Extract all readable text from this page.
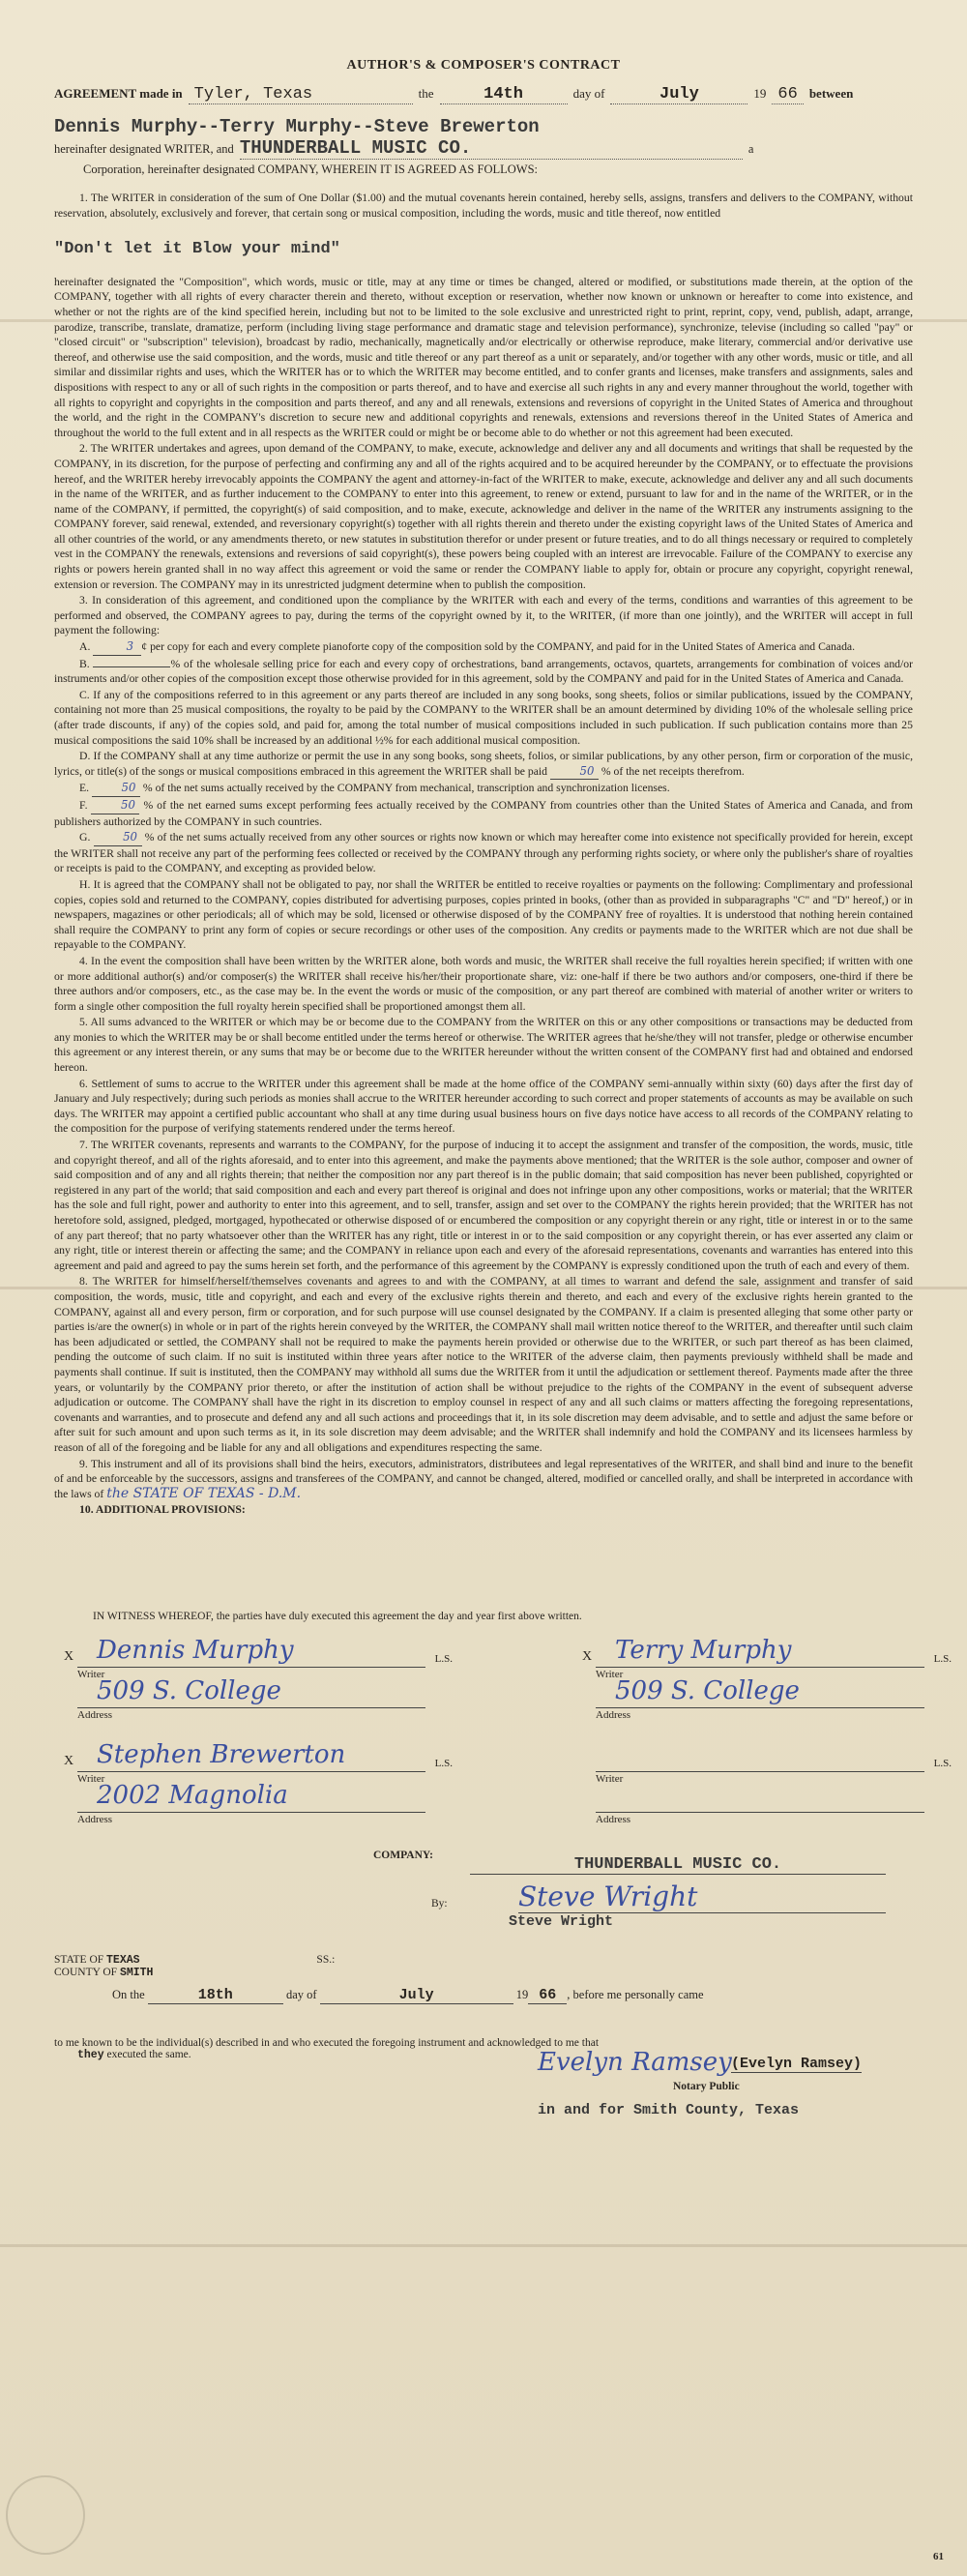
AUTHOR'S & COMPOSER'S CONTRACT
AGREEMENT made in Tyler, Texas	the	14th	day of	July	19 66 between
Dennis Murphy--Terry Murphy--Steve Brewerton
hereinafter designated WRITER, and THUNDERBALL MUSIC CO.	a
Corporation, hereinafter designated COMPANY, WHEREIN IT IS AGREED AS FOLLOWS:

1. The WRITER in consideration of the sum of One Dollar ($1.00) and the mutual covenants herein contained, hereby sells, assigns, transfers and delivers to the COMPANY, without reservation, absolutely, exclusively and forever, that certain song or musical composition, including the words, music and title thereof, now entitled

"Don't let it Blow your mind"

hereinafter designated the "Composition", which words, music or title, may at any time or times be changed, altered or modified, or substitutions made therein, at the option of the COMPANY, together with all rights of every character therein and thereto, without exception or reservation, whether now known or unknown or hereafter to come into existence, and whether or not the rights are of the kind specified herein, including but not to be limited to the sole exclusive and unrestricted right to print, reprint, copy, vend, publish, adapt, arrange, parodize, transcribe, translate, dramatize, perform (including living stage performance and dramatic stage and television performance), synchronize, televise (including so called "pay" or "closed circuit" or "subscription" television), broadcast by radio, mechanically, magnetically and/or electrically or otherwise reproduce, make literary, commercial and/or derivative use thereof, and otherwise use the said composition, and the words, music and title thereof or any part thereof as a unit or separately, and/or together with any other words, music or title, and all similar and dissimilar rights and uses, which the WRITER has or to which the WRITER may become entitled, and to confer grants and licenses, make transfers and assignments, sales and dispositions with respect to any or all of such rights in the composition or parts thereof, and to have and exercise all such rights in any and every manner throughout the world, together with all rights to copyright and copyrights in the composition and parts thereof, and any and all renewals, extensions and reversions of copyright in the United States of America and throughout the world, and the right in the COMPANY's discretion to secure new and additional copyrights and renewals, extensions and reversions thereof in the United States of America and throughout the world to the full extent and in all respects as the WRITER could or might be or become able to do whether or not this agreement had been executed.

2. The WRITER undertakes and agrees, upon demand of the COMPANY, to make, execute, acknowledge and deliver any and all documents and writings that shall be requested by the COMPANY, in its discretion, for the purpose of perfecting and confirming any and all of the rights acquired and to be acquired hereunder by the COMPANY, or to effectuate the provisions hereof, and the WRITER hereby irrevocably appoints the COMPANY the agent and attorney-in-fact of the WRITER to make, execute, acknowledge and deliver any and all such documents in the name of the WRITER, and as further inducement to the COMPANY to enter into this agreement, to renew or extend, pursuant to law for and in the name of the WRITER, or in the name of the COMPANY, if permitted, the copyright(s) of said composition, and to make, execute, acknowledge and deliver in the name of the WRITER any instruments assigning to the COMPANY forever, said renewal, extended, and reversionary copyright(s) together with all rights therein and thereto under the existing copyright laws of the United States of America and all other countries of the world, or any amendments thereto, or new statutes in substitution therefor or under present or future treaties, and to do all things necessary or required to completely vest in the COMPANY the renewals, extensions and reversions of said copyright(s), these powers being coupled with an interest are irrevocable. Failure of the COMPANY to exercise any rights or powers herein granted shall in no way affect this agreement or void the same or render the COMPANY liable to apply for, obtain or procure any copyright, copyright renewal, extension or reversion. The COMPANY may in its unrestricted judgment determine when to publish the composition.

3. In consideration of this agreement, and conditioned upon the compliance by the WRITER with each and every of the terms, conditions and warranties of this agreement to be performed and observed, the COMPANY agrees to pay, during the terms of the copyright owned by it, to the WRITER, (if more than one jointly), and the WRITER will accept in full payment the following:

A.	3 ¢ per copy for each and every complete pianoforte copy of the composition sold by the COMPANY, and paid for in the United States of America and Canada.

B.	% of the wholesale selling price for each and every copy of orchestrations, band arrangements, octavos, quartets, arrangements for combination of voices and/or instruments and/or other copies of the composition except those otherwise provided for in this agreement, sold by the COMPANY and paid for in the United States of America and Canada.

C. If any of the compositions referred to in this agreement or any parts thereof are included in any song books, song sheets, folios or similar publications, issued by the COMPANY, containing not more than 25 musical compositions, the royalty to be paid by the COMPANY to the WRITER shall be an amount determined by dividing 10% of the wholesale selling price (after trade discounts, if any) of the copies sold, and paid for, among the total number of musical compositions included in such publication. If such publication contains more than 25 musical compositions the said 10% shall be increased by an additional ½% for each additional musical composition.

D. If the COMPANY shall at any time authorize or permit the use in any song books, song sheets, folios, or similar publications, by any other person, firm or corporation of the music, lyrics, or title(s) of the songs or musical compositions embraced in this agreement the WRITER shall be paid	50 % of the net receipts therefrom.

E.	50 % of the net sums actually received by the COMPANY from mechanical, transcription and synchronization licenses.

F.	50 % of the net earned sums except performing fees actually received by the COMPANY from countries other than the United States of America and Canada, and from publishers authorized by the COMPANY in such countries.

G.	50 % of the net sums actually received from any other sources or rights now known or which may hereafter come into existence not specifically provided for herein, except the WRITER shall not receive any part of the performing fees collected or received by the COMPANY through any performing rights society, or where only the publisher's share of royalties or receipts is paid to the COMPANY, and excepting as provided below.

H. It is agreed that the COMPANY shall not be obligated to pay, nor shall the WRITER be entitled to receive royalties or payments on the following: Complimentary and professional copies, copies sold and returned to the COMPANY, copies distributed for advertising purposes, copies printed in books, (other than as provided in subparagraphs "C" and "D" hereof,) or in newspapers, magazines or other periodicals; all of which may be sold, licensed or otherwise disposed of by the COMPANY free of royalties. It is understood that nothing herein contained shall require the COMPANY to print any form of copies or secure recordings or other uses of the composition. Any credits or payments made to the WRITER which are not due shall be repayable to the COMPANY.

4. In the event the composition shall have been written by the WRITER alone, both words and music, the WRITER shall receive the full royalties herein specified; if written with one or more additional author(s) and/or composer(s) the WRITER shall receive his/her/their proportionate share, viz: one-half if there be two authors and/or composers, one-third if there be three authors and/or composers, etc., as the case may be. In the event the words or music of the composition, or any part thereof are combined with material of another writer or writers to form a single other composition the full royalty herein specified shall be proportioned amongst them all.

5. All sums advanced to the WRITER or which may be or become due to the COMPANY from the WRITER on this or any other compositions or transactions may be deducted from any monies to which the WRITER may be or shall become entitled under the terms hereof or otherwise. The WRITER agrees that he/she/they will not transfer, pledge or otherwise encumber this agreement or any interest therein, or any sums that may be or become due to the WRITER hereunder without the written consent of the COMPANY first had and obtained and endorsed hereon.

6. Settlement of sums to accrue to the WRITER under this agreement shall be made at the home office of the COMPANY semi-annually within sixty (60) days after the first day of January and July respectively; during such periods as monies shall accrue to the WRITER hereunder according to such correct and proper statements of accounts as may be available on such days. The WRITER may appoint a certified public accountant who shall at any time during usual business hours on five days notice have access to all records of the COMPANY relating to the composition for the purpose of verifying statements rendered under the terms hereof.

7. The WRITER covenants, represents and warrants to the COMPANY, for the purpose of inducing it to accept the assignment and transfer of the composition, the words, music, title and copyright thereof, and all of the rights aforesaid, and to enter into this agreement, and make the payments above mentioned; that the WRITER is the sole author, composer and owner of said composition and of any and all rights therein; that neither the composition nor any part thereof is in the public domain; that said composition has never been published, copyrighted or registered in any part of the world; that said composition and each and every part thereof is original and does not infringe upon any other compositions, works or material; that the WRITER has the sole and full right, power and authority to enter into this agreement, and to sell, transfer, assign and set over to the COMPANY the rights herein provided; that the WRITER has not heretofore sold, assigned, pledged, mortgaged, hypothecated or otherwise disposed of or encumbered the composition or any copyright therein or any right, title or interest in or to the same of any part thereof; that no party whatsoever other than the WRITER has any right, title or interest in or to the said composition or any copyright therein, or has ever asserted any claim or any right, title or interest therein or affecting the same; and the COMPANY in reliance upon each and every of the aforesaid representations, covenants and warranties has entered into this agreement and paid and agreed to pay the sums herein set forth, and the performance of this agreement by the COMPANY is expressly conditioned upon the truth of each and every of them.

8. The WRITER for himself/herself/themselves covenants and agrees to and with the COMPANY, at all times to warrant and defend the sale, assignment and transfer of said composition, the words, music, title and copyright, and each and every of the exclusive rights therein and thereto, and each and every of the exclusive rights herein granted to the COMPANY, against all and every person, firm or corporation, and for such purpose will use counsel designated by the COMPANY. If a claim is presented alleging that some other party or parties is/are the owner(s) in whole or in part of the rights herein conveyed by the WRITER, the COMPANY shall mail written notice thereof to the WRITER, and thereafter until such claim has been adjudicated or settled, the COMPANY shall not be required to make the payments herein provided or otherwise due to the WRITER, or such part thereof as has been claimed, pending the outcome of such claim. If no suit is instituted within three years after notice to the WRITER of the adverse claim, then payments previously withheld shall be made and payments shall continue. If suit is instituted, then the COMPANY may withhold all sums due the WRITER from it until the adjudication or settlement thereof. Payments made after the three years, or voluntarily by the COMPANY prior thereto, or after the institution of action shall be without prejudice to the rights of the COMPANY in the event of subsequent adverse adjudication or outcome. The COMPANY shall have the right in its discretion to employ counsel in respect of any and all such claims or matters affecting the foregoing representations, covenants and warranties, and to prosecute and defend any and all such actions and proceedings that it, in its sole discretion may deem advisable, and to settle and adjust the same before or after suit for such amount and upon such terms as it, in its sole discretion may deem advisable; and the WRITER shall indemnify and hold the COMPANY and its licensees harmless by reason of all of the foregoing and be liable for any and all obligations and expenditures respecting the same.

9. This instrument and all of its provisions shall bind the heirs, executors, administrators, distributees and legal representatives of the WRITER, and shall bind and inure to the benefit of and be enforceable by the successors, assigns and transferees of the COMPANY, and cannot be changed, altered, modified or cancelled orally, and shall be interpreted in accordance with the laws of the STATE OF TEXAS - D.M.

10. ADDITIONAL PROVISIONS:

IN WITNESS WHEREOF, the parties have duly executed this agreement the day and year first above written.
X Dennis Murphy	L.S.
Writer
509 S. College
Address
X Terry Murphy	L.S.
Writer
509 S. College
Address
X Stephen Brewerton	L.S.
Writer
2002 Magnolia
Address
L.S.
Writer
Address
COMPANY:	THUNDERBALL MUSIC CO.
By:	Steve Wright
Steve Wright
STATE OF TEXAS	SS.:
COUNTY OF SMITH
On the	18th	day of	July	19 66 , before me personally came
to me known to be the individual(s) described in and who executed the foregoing instrument and acknowledged to me that
they executed the same.	Evelyn Ramsey (Evelyn Ramsey)
Notary Public
in and for Smith County, Texas
61
